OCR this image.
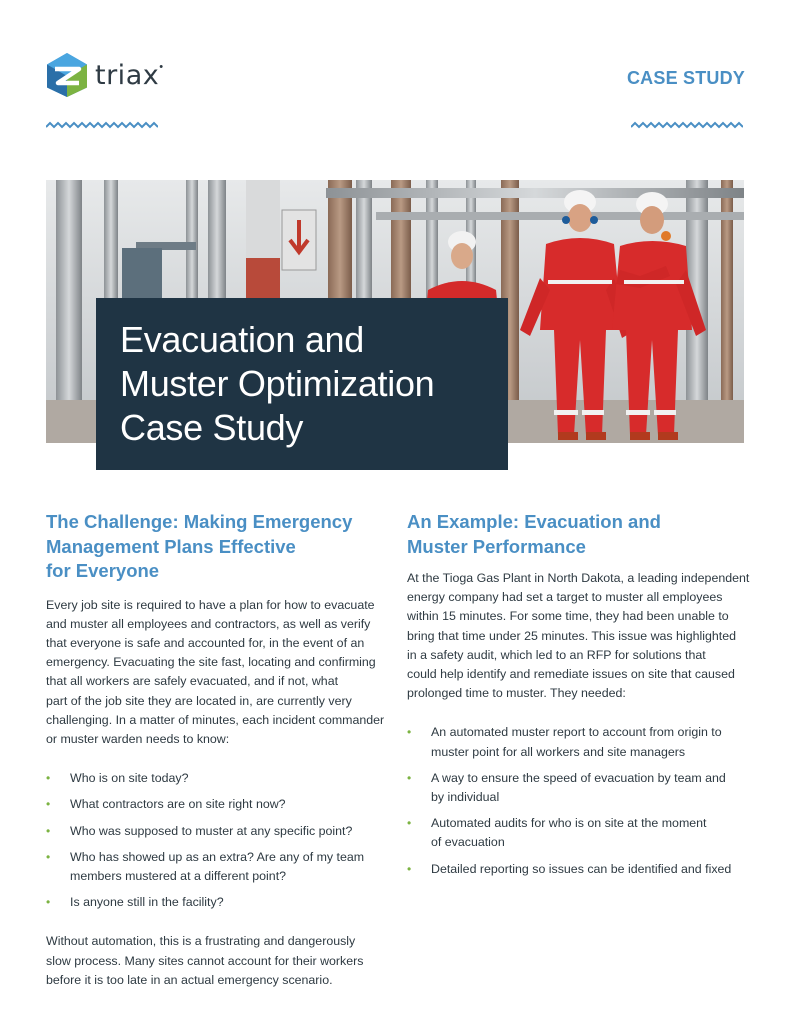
triax •
CASE STUDY
Evacuation and
Muster Optimization
Case Study
The Challenge: Making Emergency
Management Plans Effective
for Everyone
Every job site is required to have a plan for how to evacuate
and muster all employees and contractors, as well as verify
that everyone is safe and accounted for, in the event of an
emergency. Evacuating the site fast, locating and confirming
that all workers are safely evacuated, and if not, what
part of the job site they are located in, are currently very
challenging. In a matter of minutes, each incident commander
or muster warden needs to know:
• Who is on site today?
• What contractors are on site right now?
• Who was supposed to muster at any specific point?
• Who has showed up as an extra? Are any of my team
members mustered at a different point?
• Is anyone still in the facility?
Without automation, this is a frustrating and dangerously
slow process. Many sites cannot account for their workers
before it is too late in an actual emergency scenario.
An Example: Evacuation and
Muster Performance
At the Tioga Gas Plant in North Dakota, a leading independent
energy company had set a target to muster all employees
within 15 minutes. For some time, they had been unable to
bring that time under 25 minutes. This issue was highlighted
in a safety audit, which led to an RFP for solutions that
could help identify and remediate issues on site that caused
prolonged time to muster. They needed:
• An automated muster report to account from origin to
muster point for all workers and site managers
• A way to ensure the speed of evacuation by team and
by individual
• Automated audits for who is on site at the moment
of evacuation
• Detailed reporting so issues can be identified and fixed
